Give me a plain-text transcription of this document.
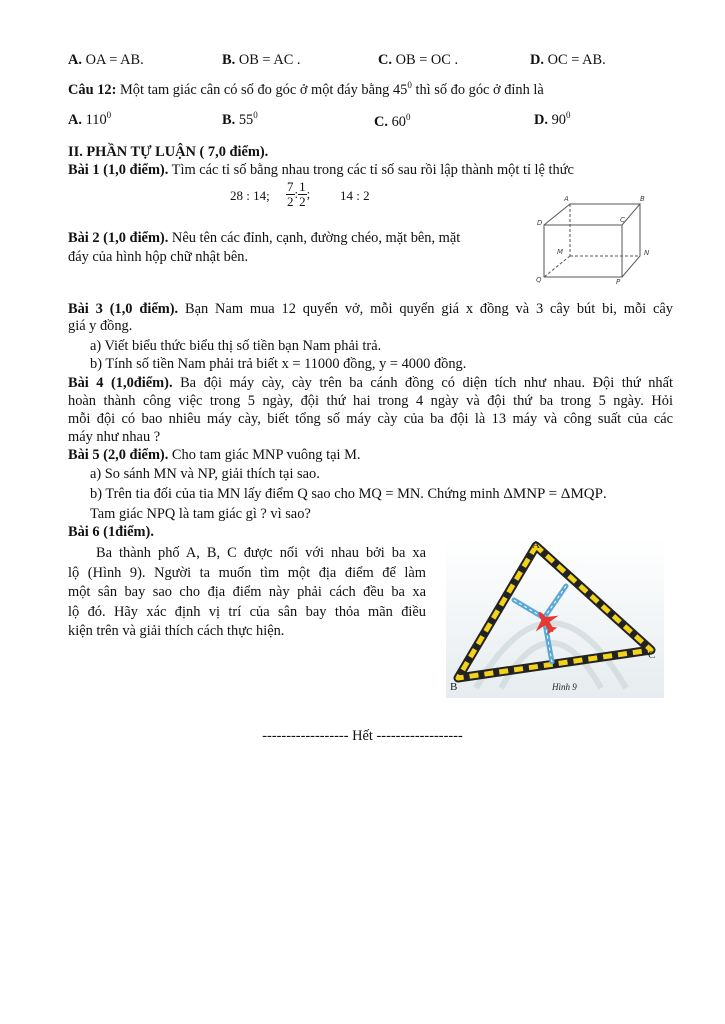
A. OA = AB.	B. OB = AC .	C. OB = OC .	D. OC = AB.
Câu 12: Một tam giác cân có số đo góc ở một đáy bằng $45^0$ thì số đo góc ở đỉnh là
A. $110^0$	B. $55^0$	C. $60^0$	D. $90^0$
II. PHẦN TỰ LUẬN ( 7,0 điểm).
Bài 1 (1,0 điểm). Tìm các tỉ số bằng nhau trong các tỉ số sau rồi lập thành một tỉ lệ thức
28 : 14; $\frac{7}{2}$ : $\frac{1}{2}$ ; 14 : 2
Bài 2 (1,0 điểm). Nêu tên các đỉnh, cạnh, đường chéo, mặt bên, mặt
đáy của hình hộp chữ nhật bên.
A	B
C
D
M	N
P
Q
Bài 3 (1,0 điểm). Bạn Nam mua 12 quyển vở, mỗi quyển giá x đồng và 3 cây bút bi, mỗi cây
giá y đồng.
a) Viết biểu thức biểu thị số tiền bạn Nam phải trả.
b) Tính số tiền Nam phải trả biết x = 11000 đồng, y = 4000 đồng.
Bài 4 (1,0điểm). Ba đội máy cày, cày trên ba cánh đồng có diện tích như nhau. Đội thứ nhất
hoàn thành công việc trong 5 ngày, đội thứ hai trong 4 ngày và đội thứ ba trong 5 ngày. Hỏi
mỗi đội có bao nhiêu máy cày, biết tổng số máy cày của ba đội là 13 máy và công suất của các
máy như nhau ?
Bài 5 (2,0 điểm). Cho tam giác MNP vuông tại M.
a) So sánh MN và NP, giải thích tại sao.
b) Trên tia đối của tia MN lấy điểm Q sao cho MQ = MN. Chứng minh ΔMNP = ΔMQP.
Tam giác NPQ là tam giác gì ? vì sao?
Bài 6 (1điểm).
Ba thành phố A, B, C được nối với nhau bởi ba xa
lộ (Hình 9). Người ta muốn tìm một địa điểm để làm
một sân bay sao cho địa điểm này phải cách đều ba xa
lộ đó. Hãy xác định vị trí của sân bay thỏa mãn điều
kiện trên và giải thích cách thực hiện.
A
B
C
Hình 9
------------------ Hết ------------------
